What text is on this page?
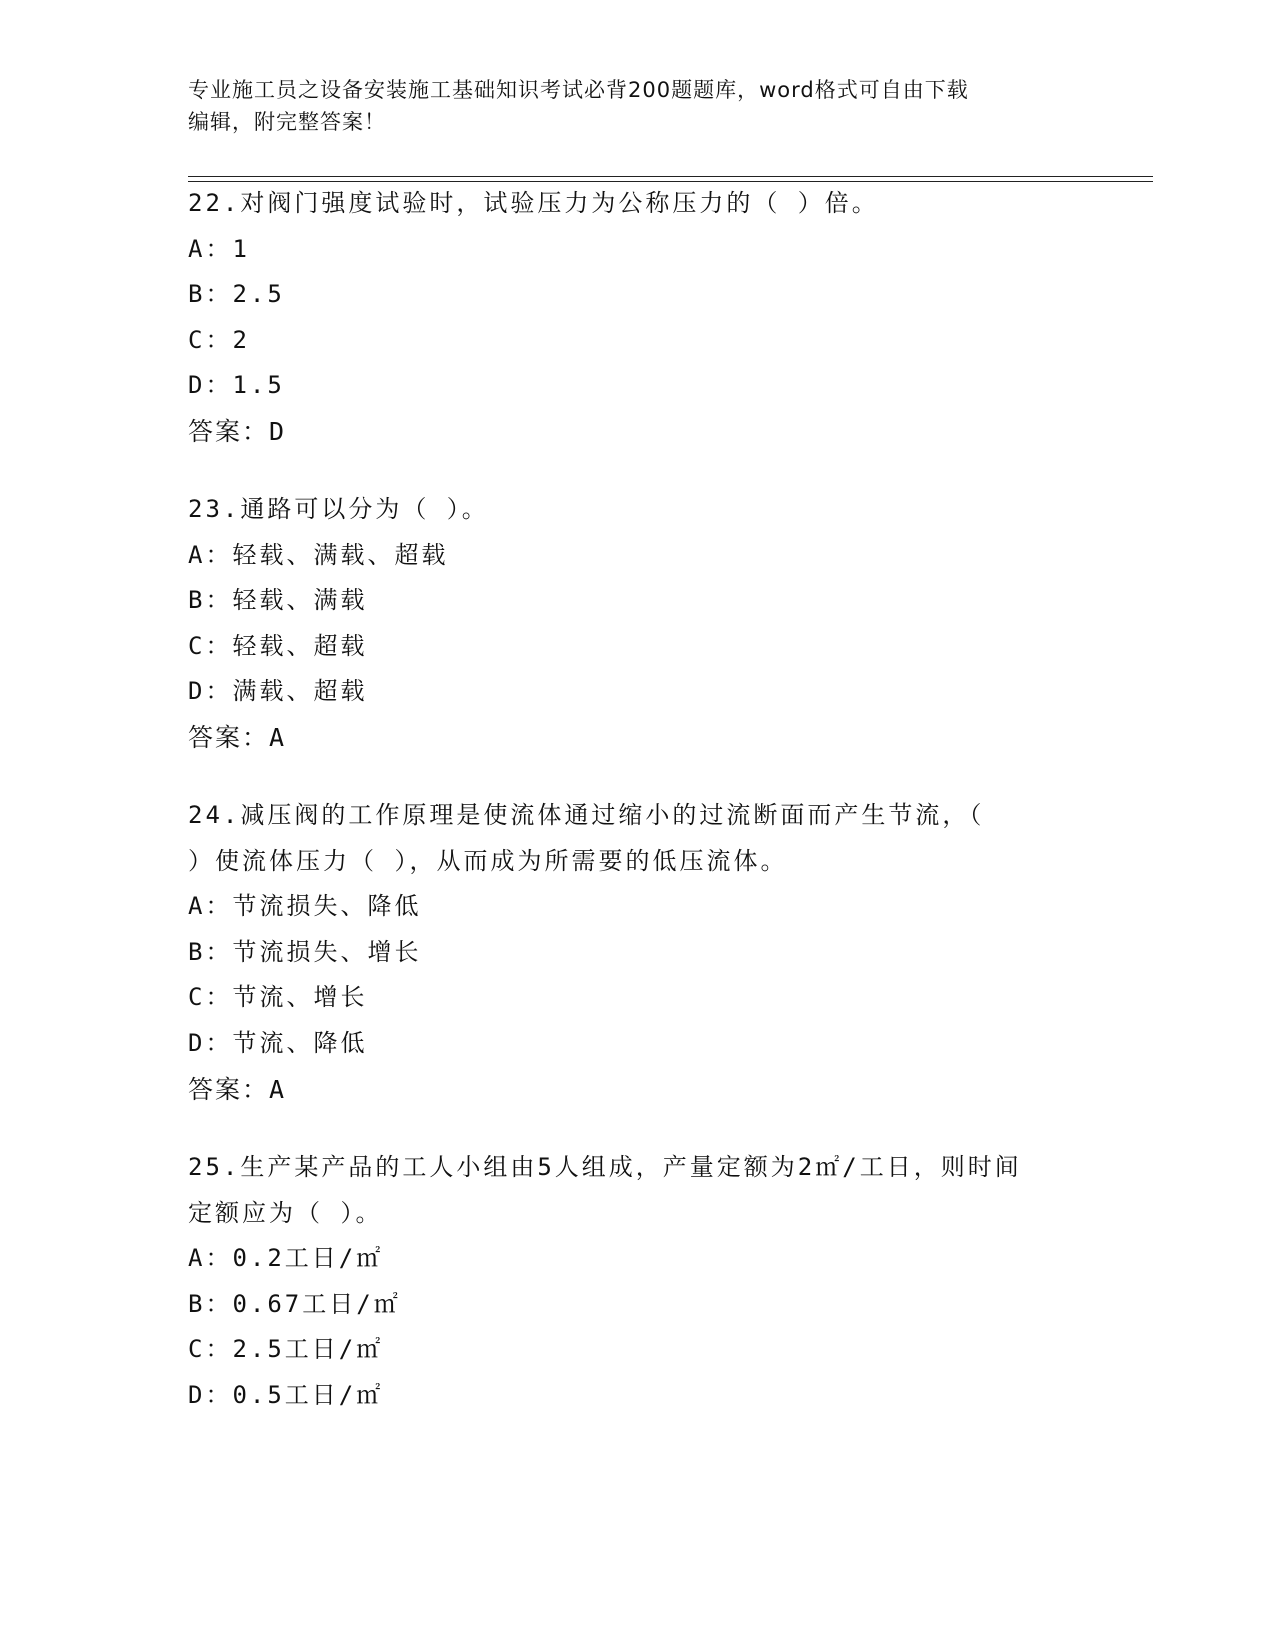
专业施工员之设备安装施工基础知识考试必背200题题库，word格式可自由下载
编辑，附完整答案！
22.对阀门强度试验时，试验压力为公称压力的（ ）倍。
A：1
B：2.5
C：2
D：1.5
答案：D
23.通路可以分为（ ）。
A：轻载、满载、超载
B：轻载、满载
C：轻载、超载
D：满载、超载
答案：A
24.减压阀的工作原理是使流体通过缩小的过流断面而产生节流，（
）使流体压力（ ），从而成为所需要的低压流体。
A：节流损失、降低
B：节流损失、增长
C：节流、增长
D：节流、降低
答案：A
25.生产某产品的工人小组由5人组成，产量定额为2㎡/工日，则时间
定额应为（ ）。
A：0.2工日/㎡
B：0.67工日/㎡
C：2.5工日/㎡
D：0.5工日/㎡
